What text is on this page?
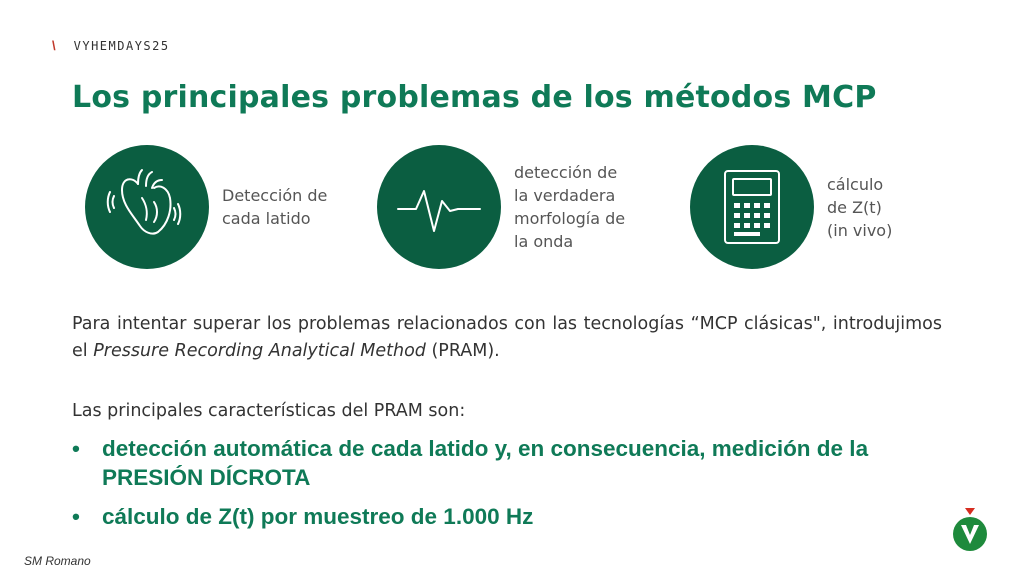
\ VYHEMDAYS25
Los principales problemas de los métodos MCP
Detección de
cada latido
detección de
la verdadera
morfología de
la onda
cálculo
de Z(t)
(in vivo)

Para intentar superar los problemas relacionados con las tecnologías “MCP clásicas", introdujimos el Pressure Recording Analytical Method (PRAM).

Las principales características del PRAM son:
• detección automática de cada latido y, en consecuencia, medición de la PRESIÓN DÍCROTA
• cálculo de Z(t) por muestreo de 1.000 Hz
SM Romano
